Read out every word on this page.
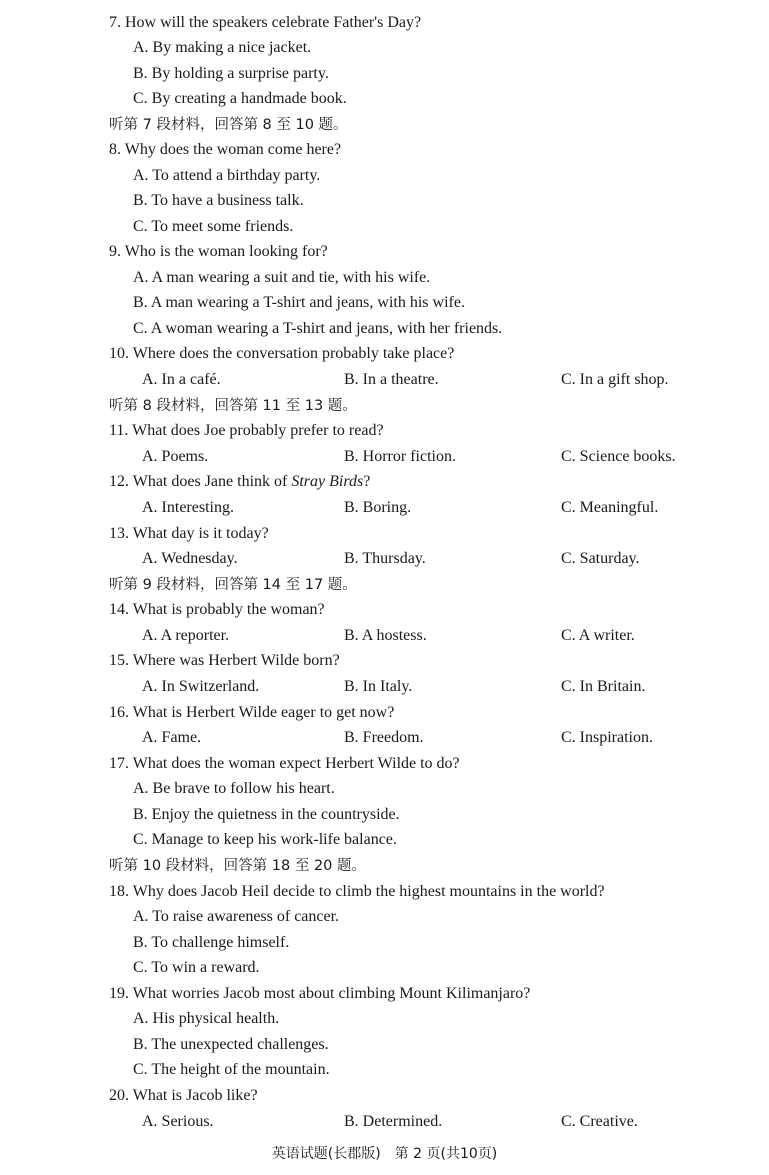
7. How will the speakers celebrate Father's Day?
A. By making a nice jacket.
B. By holding a surprise party.
C. By creating a handmade book.
听第 7 段材料，回答第 8 至 10 题。
8. Why does the woman come here?
A. To attend a birthday party.
B. To have a business talk.
C. To meet some friends.
9. Who is the woman looking for?
A. A man wearing a suit and tie, with his wife.
B. A man wearing a T-shirt and jeans, with his wife.
C. A woman wearing a T-shirt and jeans, with her friends.
10. Where does the conversation probably take place?
A. In a café.	B. In a theatre.	C. In a gift shop.
听第 8 段材料，回答第 11 至 13 题。
11. What does Joe probably prefer to read?
A. Poems.	B. Horror fiction.	C. Science books.
12. What does Jane think of Stray Birds?
A. Interesting.	B. Boring.	C. Meaningful.
13. What day is it today?
A. Wednesday.	B. Thursday.	C. Saturday.
听第 9 段材料，回答第 14 至 17 题。
14. What is probably the woman?
A. A reporter.	B. A hostess.	C. A writer.
15. Where was Herbert Wilde born?
A. In Switzerland.	B. In Italy.	C. In Britain.
16. What is Herbert Wilde eager to get now?
A. Fame.	B. Freedom.	C. Inspiration.
17. What does the woman expect Herbert Wilde to do?
A. Be brave to follow his heart.
B. Enjoy the quietness in the countryside.
C. Manage to keep his work-life balance.
听第 10 段材料，回答第 18 至 20 题。
18. Why does Jacob Heil decide to climb the highest mountains in the world?
A. To raise awareness of cancer.
B. To challenge himself.
C. To win a reward.
19. What worries Jacob most about climbing Mount Kilimanjaro?
A. His physical health.
B. The unexpected challenges.
C. The height of the mountain.
20. What is Jacob like?
A. Serious.	B. Determined.	C. Creative.
英语试题(长郡版)　第 2 页(共10页)
